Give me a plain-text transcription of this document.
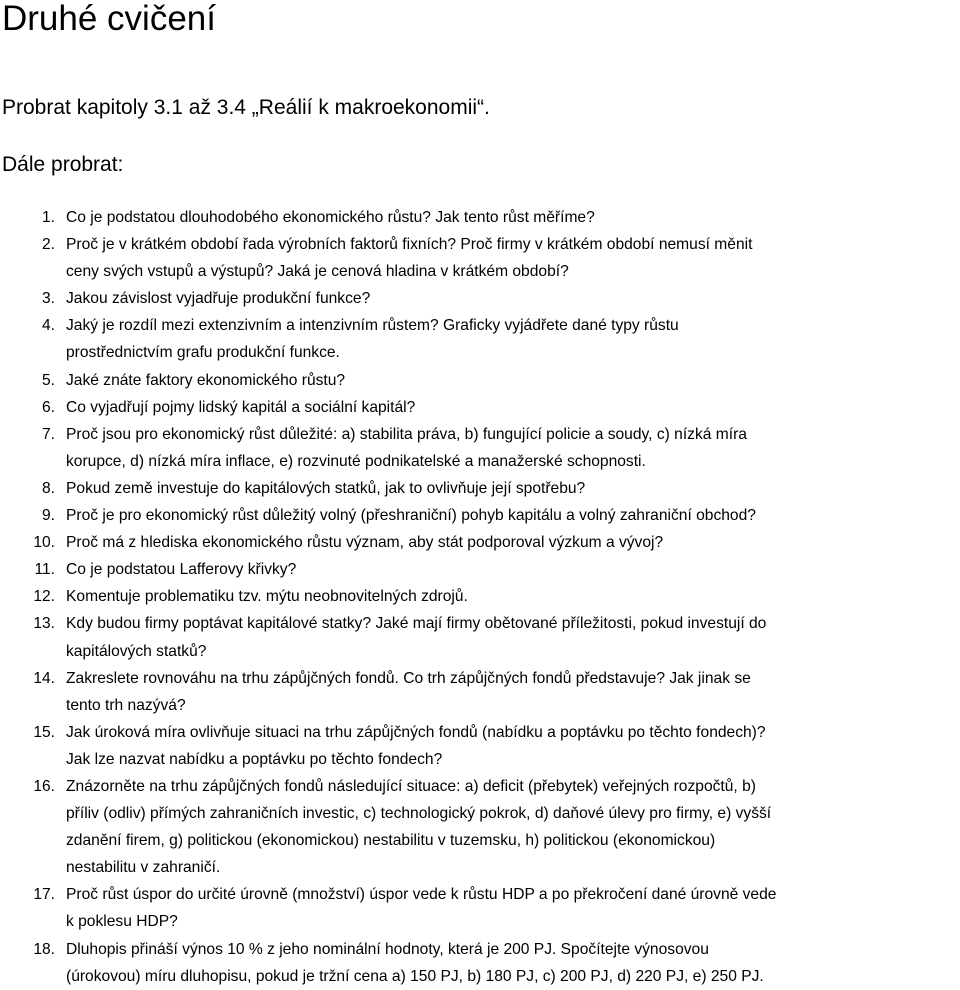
Druhé cvičení

Probrat kapitoly 3.1 až 3.4 „Reálií k makroekonomii“.

Dále probrat:

1. Co je podstatou dlouhodobého ekonomického růstu? Jak tento růst měříme?
2. Proč je v krátkém období řada výrobních faktorů fixních? Proč firmy v krátkém období nemusí měnit
ceny svých vstupů a výstupů? Jaká je cenová hladina v krátkém období?
3. Jakou závislost vyjadřuje produkční funkce?
4. Jaký je rozdíl mezi extenzivním a intenzivním růstem? Graficky vyjádřete dané typy růstu
prostřednictvím grafu produkční funkce.
5. Jaké znáte faktory ekonomického růstu?
6. Co vyjadřují pojmy lidský kapitál a sociální kapitál?
7. Proč jsou pro ekonomický růst důležité: a) stabilita práva, b) fungující policie a soudy, c) nízká míra
korupce, d) nízká míra inflace, e) rozvinuté podnikatelské a manažerské schopnosti.
8. Pokud země investuje do kapitálových statků, jak to ovlivňuje její spotřebu?
9. Proč je pro ekonomický růst důležitý volný (přeshraniční) pohyb kapitálu a volný zahraniční obchod?
10. Proč má z hlediska ekonomického růstu význam, aby stát podporoval výzkum a vývoj?
11. Co je podstatou Lafferovy křivky?
12. Komentuje problematiku tzv. mýtu neobnovitelných zdrojů.
13. Kdy budou firmy poptávat kapitálové statky? Jaké mají firmy obětované příležitosti, pokud investují do
kapitálových statků?
14. Zakreslete rovnováhu na trhu zápůjčných fondů. Co trh zápůjčných fondů představuje? Jak jinak se
tento trh nazývá?
15. Jak úroková míra ovlivňuje situaci na trhu zápůjčných fondů (nabídku a poptávku po těchto fondech)?
Jak lze nazvat nabídku a poptávku po těchto fondech?
16. Znázorněte na trhu zápůjčných fondů následující situace: a) deficit (přebytek) veřejných rozpočtů, b)
příliv (odliv) přímých zahraničních investic, c) technologický pokrok, d) daňové úlevy pro firmy, e) vyšší
zdanění firem, g) politickou (ekonomickou) nestabilitu v tuzemsku, h) politickou (ekonomickou)
nestabilitu v zahraničí.
17. Proč růst úspor do určité úrovně (množství) úspor vede k růstu HDP a po překročení dané úrovně vede
k poklesu HDP?
18. Dluhopis přináší výnos 10 % z jeho nominální hodnoty, která je 200 PJ. Spočítejte výnosovou
(úrokovou) míru dluhopisu, pokud je tržní cena a) 150 PJ, b) 180 PJ, c) 200 PJ, d) 220 PJ, e) 250 PJ.
